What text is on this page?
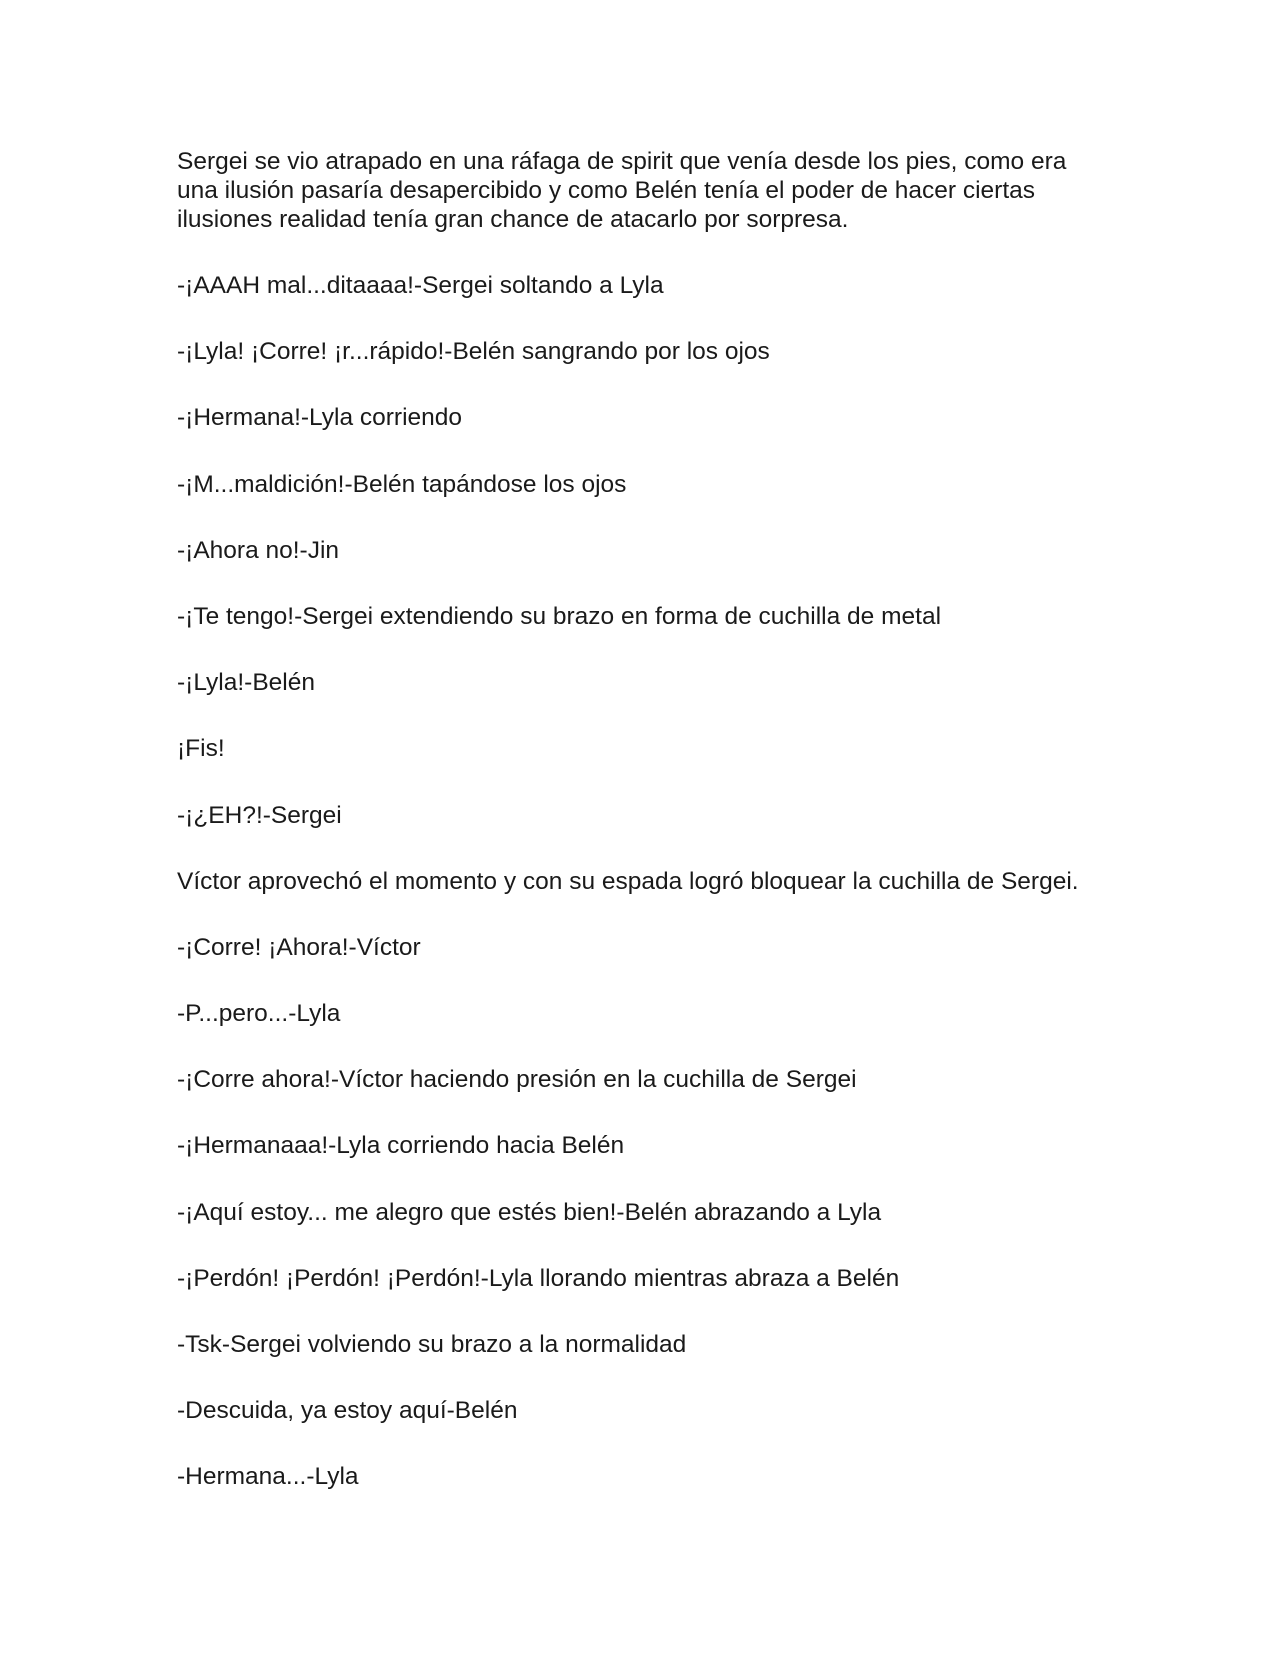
Sergei se vio atrapado en una ráfaga de spirit que venía desde los pies, como era una ilusión pasaría desapercibido y como Belén tenía el poder de hacer ciertas ilusiones realidad tenía gran chance de atacarlo por sorpresa.

-¡AAAH mal...ditaaaa!-Sergei soltando a Lyla
-¡Lyla! ¡Corre! ¡r...rápido!-Belén sangrando por los ojos
-¡Hermana!-Lyla corriendo
-¡M...maldición!-Belén tapándose los ojos
-¡Ahora no!-Jin
-¡Te tengo!-Sergei extendiendo su brazo en forma de cuchilla de metal
-¡Lyla!-Belén
¡Fis!
-¡¿EH?!-Sergei
Víctor aprovechó el momento y con su espada logró bloquear la cuchilla de Sergei.
-¡Corre! ¡Ahora!-Víctor
-P...pero...-Lyla
-¡Corre ahora!-Víctor haciendo presión en la cuchilla de Sergei
-¡Hermanaaa!-Lyla corriendo hacia Belén
-¡Aquí estoy... me alegro que estés bien!-Belén abrazando a Lyla
-¡Perdón! ¡Perdón! ¡Perdón!-Lyla llorando mientras abraza a Belén
-Tsk-Sergei volviendo su brazo a la normalidad
-Descuida, ya estoy aquí-Belén
-Hermana...-Lyla
